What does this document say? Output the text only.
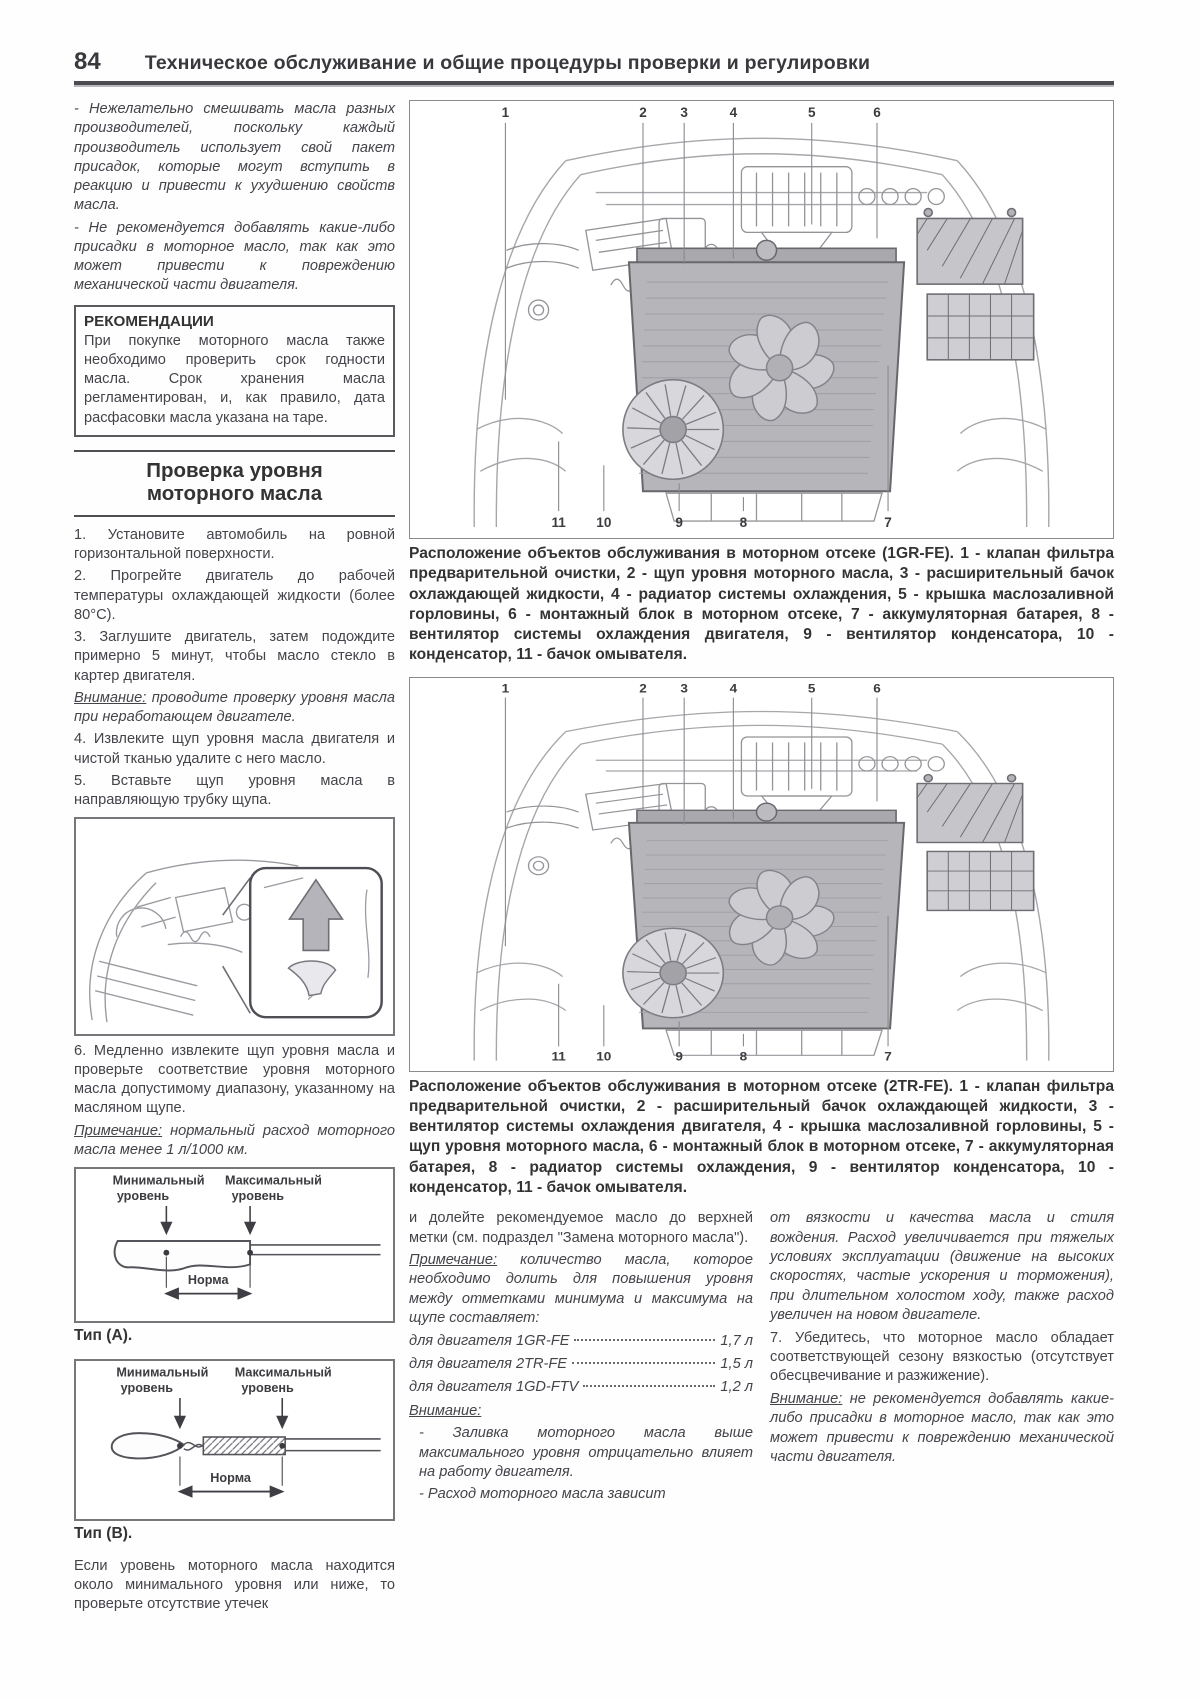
84 Техническое обслуживание и общие процедуры проверки и регулировки

- Нежелательно смешивать масла разных производителей, поскольку каждый производитель использует свой пакет присадок, которые могут вступить в реакцию и привести к ухудшению свойств масла.

- Не рекомендуется добавлять какие-либо присадки в моторное масло, так как это может привести к повреждению механической части двигателя.

РЕКОМЕНДАЦИИ
При покупке моторного масла также необходимо проверить срок годности масла. Срок хранения масла регламентирован, и, как правило, дата расфасовки масла указана на таре.
Проверка уровня
моторного масла

1. Установите автомобиль на ровной горизонтальной поверхности.

2. Прогрейте двигатель до рабочей температуры охлаждающей жидкости (более 80°С).

3. Заглушите двигатель, затем подождите примерно 5 минут, чтобы масло стекло в картер двигателя.

Внимание: проводите проверку уровня масла при неработающем двигателе.

4. Извлеките щуп уровня масла двигателя и чистой тканью удалите с него масло.

5. Вставьте щуп уровня масла в направляющую трубку щупа.

6. Медленно извлеките щуп уровня масла и проверьте соответствие уровня моторного масла допустимому диапазону, указанному на масляном щупе.

Примечание: нормальный расход моторного масла менее 1 л/1000 км.

Минимальный
уровень
Максимальный
уровень
Норма
Тип (А).
Минимальный
уровень
Максимальный
уровень
Норма
Тип (В).

Если уровень моторного масла находится около минимального уровня или ниже, то проверьте отсутствие утечек

Расположение объектов обслуживания в моторном отсеке (1GR-FE). 1 - клапан фильтра предварительной очистки, 2 - щуп уровня моторного масла, 3 - расширительный бачок охлаждающей жидкости, 4 - радиатор системы охлаждения, 5 - крышка маслозаливной горловины, 6 - монтажный блок в моторном отсеке, 7 - аккумуляторная батарея, 8 - вентилятор системы охлаждения двигателя, 9 - вентилятор конденсатора, 10 - конденсатор, 11 - бачок омывателя.
Расположение объектов обслуживания в моторном отсеке (2TR-FE). 1 - клапан фильтра предварительной очистки, 2 - расширительный бачок охлаждающей жидкости, 3 - вентилятор системы охлаждения двигателя, 4 - крышка маслозаливной горловины, 5 - щуп уровня моторного масла, 6 - монтажный блок в моторном отсеке, 7 - аккумуляторная батарея, 8 - радиатор системы охлаждения, 9 - вентилятор конденсатора, 10 - конденсатор, 11 - бачок омывателя.

и долейте рекомендуемое масло до верхней метки (см. подраздел "Замена моторного масла").

Примечание: количество масла, которое необходимо долить для повышения уровня между отметками минимума и максимума на щупе составляет:

для двигателя 1GR-FE	1,7 л
для двигателя 2TR-FE	1,5 л
для двигателя 1GD-FTV	1,2 л

Внимание:

- Заливка моторного масла выше максимального уровня отрицательно влияет на работу двигателя.

- Расход моторного масла зависит

от вязкости и качества масла и стиля вождения. Расход увеличивается при тяжелых условиях эксплуатации (движение на высоких скоростях, частые ускорения и торможения), при длительном холостом ходу, также расход увеличен на новом двигателе.

7. Убедитесь, что моторное масло обладает соответствующей сезону вязкостью (отсутствует обесцвечивание и разжижение).

Внимание: не рекомендуется добавлять какие-либо присадки в моторное масло, так как это может привести к повреждению механической части двигателя.
